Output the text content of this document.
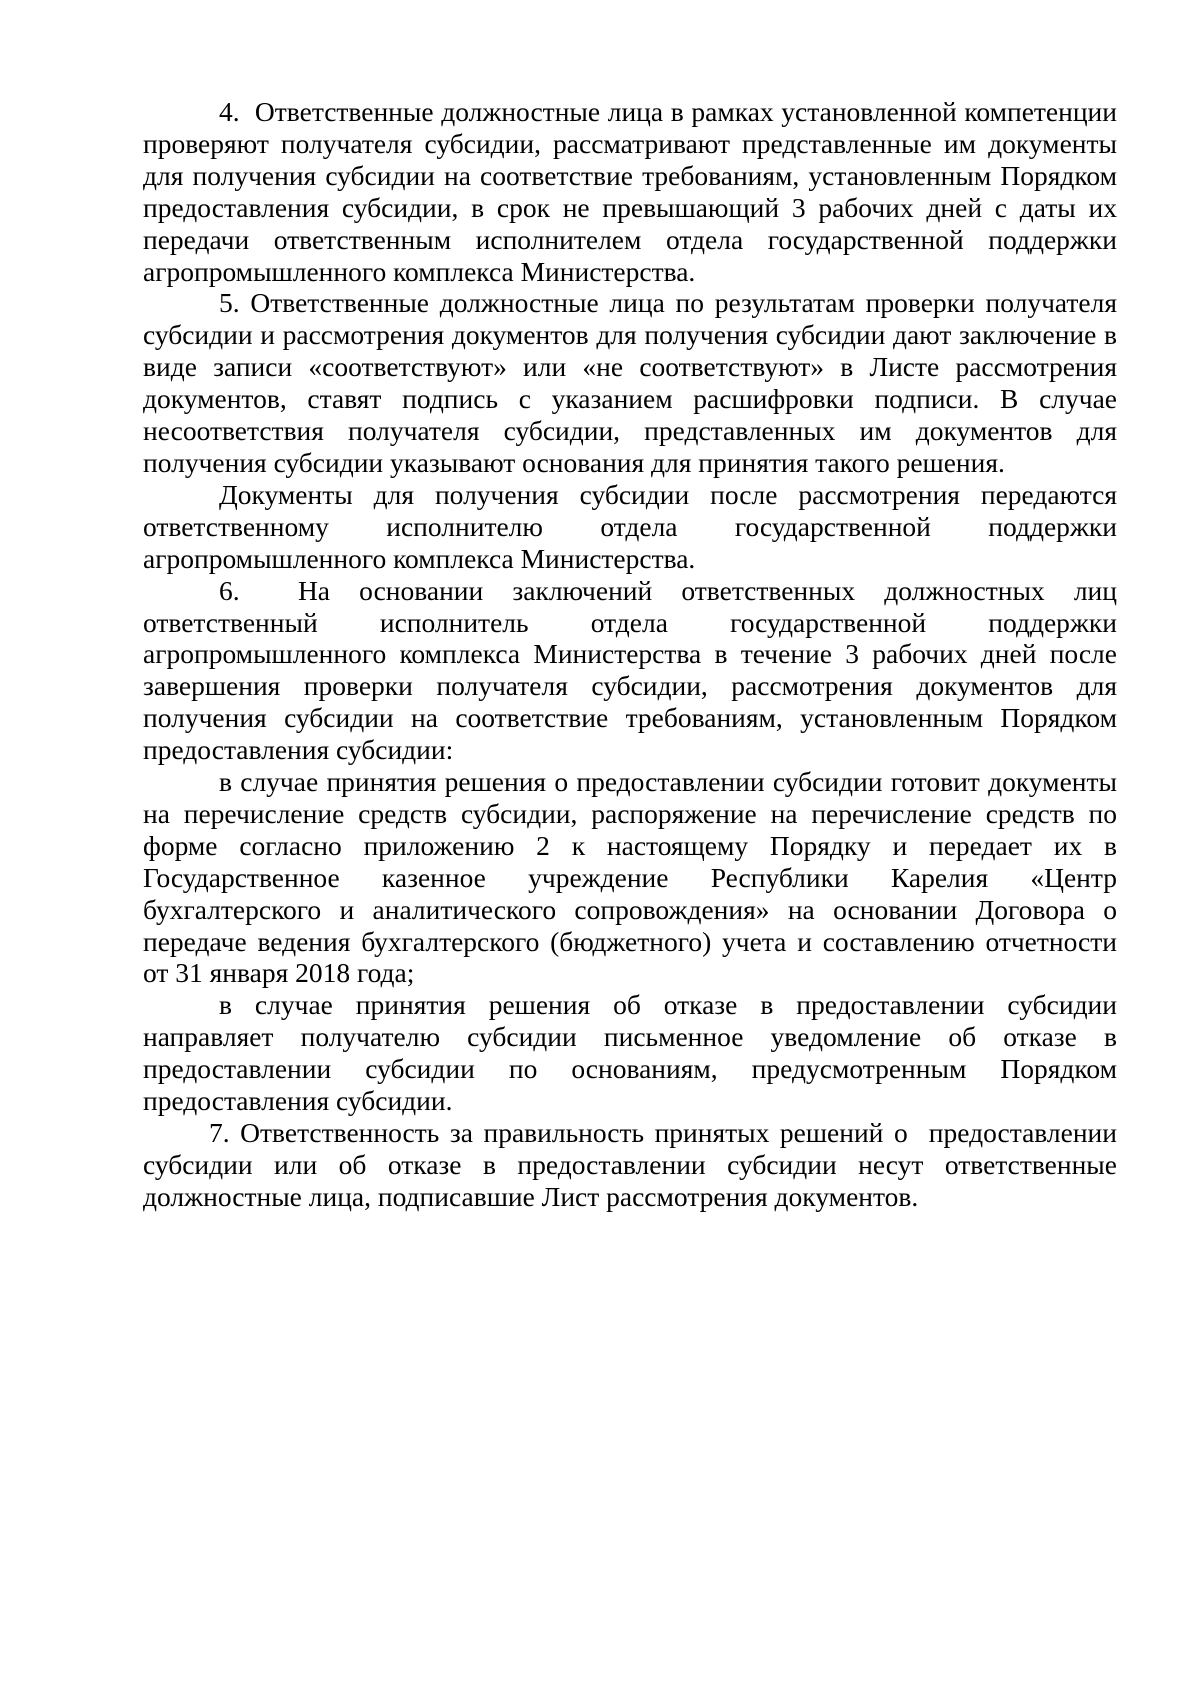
4.  Ответственные должностные лица в рамках установленной компетенции проверяют получателя субсидии, рассматривают представленные им документы для получения субсидии на соответствие требованиям, установленным Порядком предоставления субсидии, в срок не превышающий 3 рабочих дней с даты их передачи ответственным исполнителем отдела государственной поддержки агропромышленного комплекса Министерства.

5. Ответственные должностные лица по результатам проверки получателя субсидии и рассмотрения документов для получения субсидии дают заключение в виде записи «соответствуют» или «не соответствуют» в Листе рассмотрения документов, ставят подпись с указанием расшифровки подписи. В случае несоответствия получателя субсидии, представленных им документов для получения субсидии указывают основания для принятия такого решения.

Документы для получения субсидии после рассмотрения передаются ответственному исполнителю отдела государственной поддержки агропромышленного комплекса Министерства.

6.  На основании заключений ответственных должностных лиц ответственный исполнитель отдела государственной поддержки агропромышленного комплекса Министерства в течение 3 рабочих дней после завершения проверки получателя субсидии, рассмотрения документов для получения субсидии на соответствие требованиям, установленным Порядком предоставления субсидии:

в случае принятия решения о предоставлении субсидии готовит документы на перечисление средств субсидии, распоряжение на перечисление средств по форме согласно приложению 2 к настоящему Порядку и передает их в Государственное казенное учреждение Республики Карелия «Центр бухгалтерского и аналитического сопровождения» на основании Договора о передаче ведения бухгалтерского (бюджетного) учета и составлению отчетности от 31 января 2018 года;

в случае принятия решения об отказе в предоставлении субсидии направляет получателю субсидии письменное уведомление об отказе в предоставлении субсидии по основаниям, предусмотренным Порядком предоставления субсидии.

7. Ответственность за правильность принятых решений о  предоставлении субсидии или об отказе в предоставлении субсидии несут ответственные должностные лица, подписавшие Лист рассмотрения документов.
